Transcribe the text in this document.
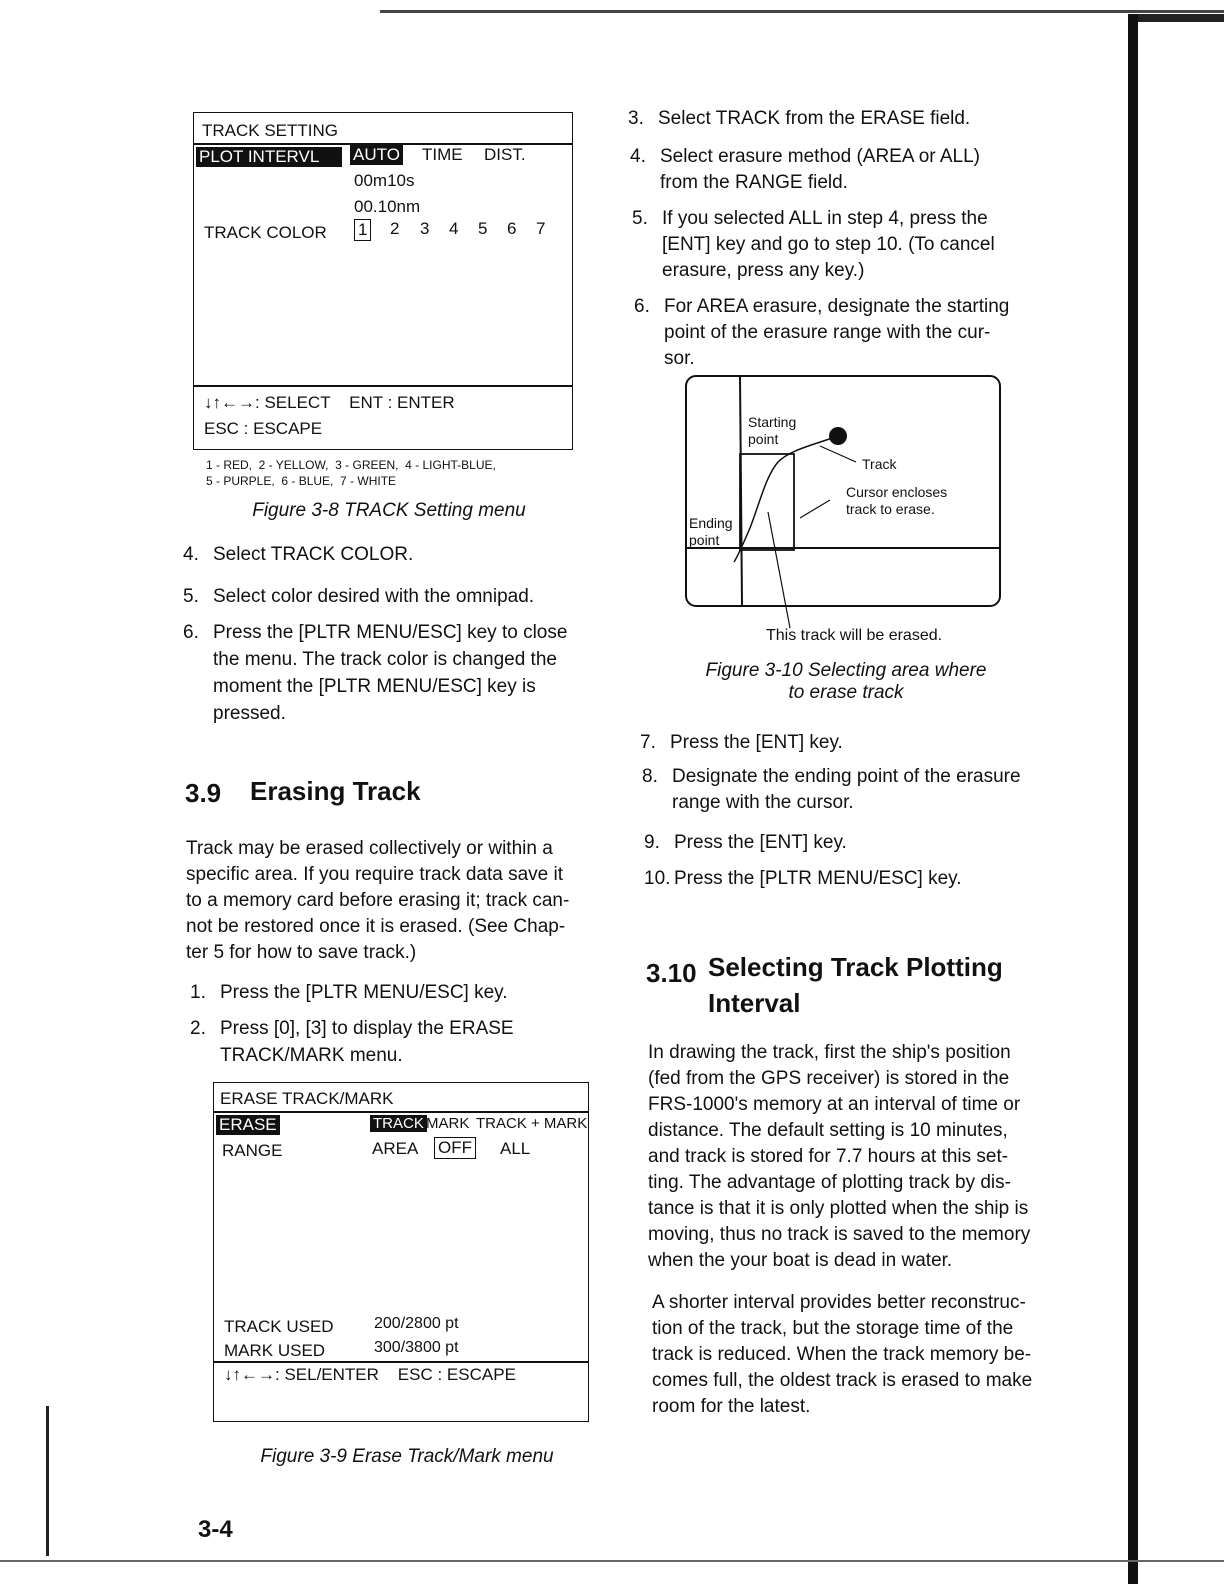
TRACK SETTING
PLOT INTERVL	AUTO TIME DIST.
00m10s
00.10nm
TRACK COLOR 1 2 3 4 5 6 7
↓↑←→: SELECT    ENT : ENTER
ESC : ESCAPE
1 - RED,  2 - YELLOW,  3 - GREEN,  4 - LIGHT-BLUE,
5 - PURPLE,  6 - BLUE,  7 - WHITE
Figure 3-8 TRACK Setting menu
4. Select TRACK COLOR.
5. Select color desired with the omnipad.
6. Press the [PLTR MENU/ESC] key to close
the menu. The track color is changed the
moment the [PLTR MENU/ESC] key is
pressed.
3.9 Erasing Track
Track may be erased collectively or within a
specific area. If you require track data save it
to a memory card before erasing it; track can-
not be restored once it is erased. (See Chap-
ter 5 for how to save track.)
1. Press the [PLTR MENU/ESC] key.
2. Press [0], [3] to display the ERASE
TRACK/MARK menu.
ERASE TRACK/MARK
ERASE	TRACK MARK TRACK + MARK
RANGE	AREA OFF ALL
TRACK USED	200/2800 pt
MARK USED	300/3800 pt
↓↑←→: SEL/ENTER    ESC : ESCAPE
Figure 3-9 Erase Track/Mark menu
3. Select TRACK from the ERASE field.
4. Select erasure method (AREA or ALL)
from the RANGE field.
5. If you selected ALL in step 4, press the
[ENT] key and go to step 10. (To cancel
erasure, press any key.)
6. For AREA erasure, designate the starting
point of the erasure range with the cur-
sor.
Starting
point
Track
Cursor encloses
track to erase.
Ending
point
This track will be erased.
Figure 3-10 Selecting area where
to erase track
7. Press the [ENT] key.
8. Designate the ending point of the erasure
range with the cursor.
9. Press the [ENT] key.
10. Press the [PLTR MENU/ESC] key.
3.10 Selecting Track Plotting
Interval
In drawing the track, first the ship's position
(fed from the GPS receiver) is stored in the
FRS-1000's memory at an interval of time or
distance. The default setting is 10 minutes,
and track is stored for 7.7 hours at this set-
ting. The advantage of plotting track by dis-
tance is that it is only plotted when the ship is
moving, thus no track is saved to the memory
when the your boat is dead in water.
A shorter interval provides better reconstruc-
tion of the track, but the storage time of the
track is reduced. When the track memory be-
comes full, the oldest track is erased to make
room for the latest.
3-4
